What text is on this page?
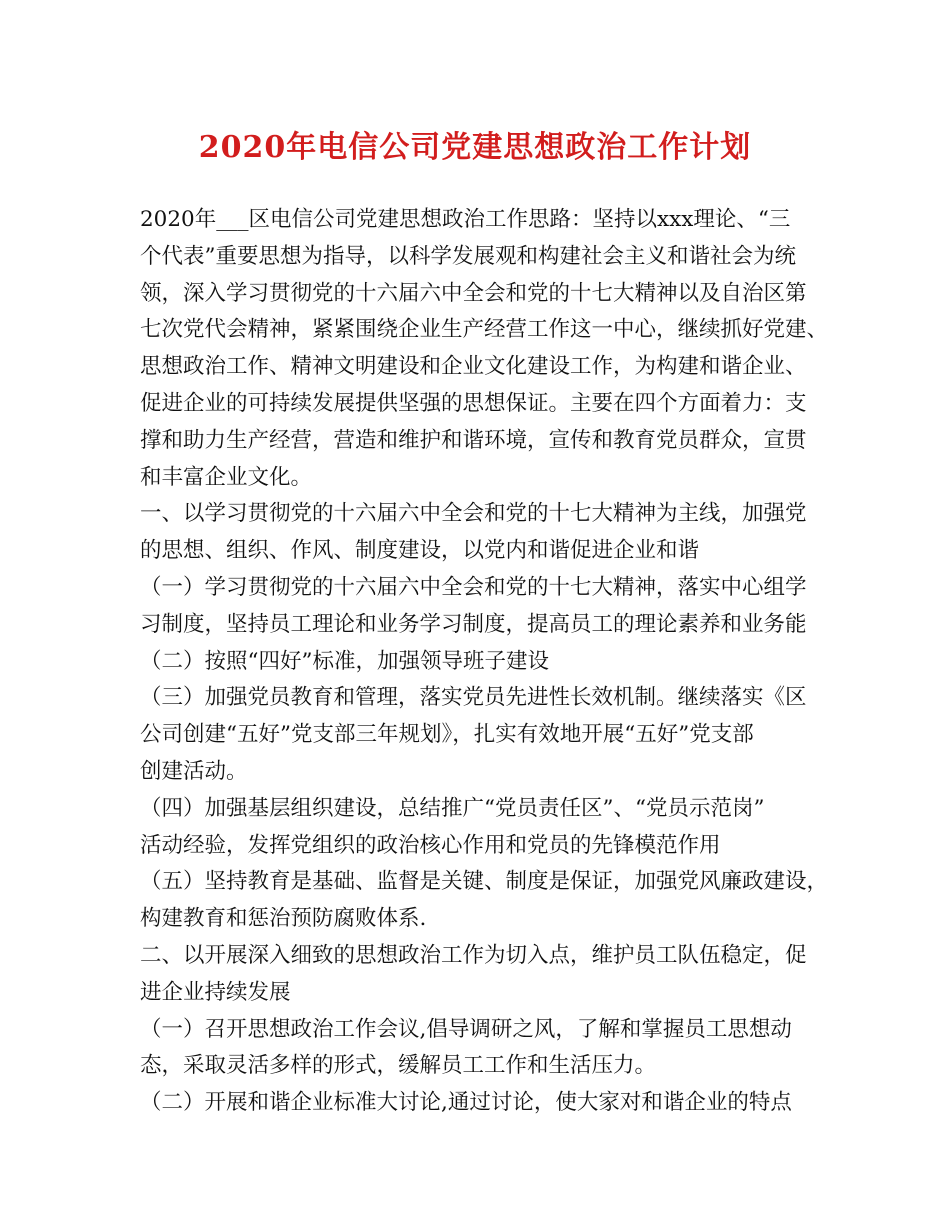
2020年电信公司党建思想政治工作计划
2020年___区电信公司党建思想政治工作思路：坚持以xxx理论、“三
个代表”重要思想为指导，以科学发展观和构建社会主义和谐社会为统
领，深入学习贯彻党的十六届六中全会和党的十七大精神以及自治区第
七次党代会精神，紧紧围绕企业生产经营工作这一中心，继续抓好党建、
思想政治工作、精神文明建设和企业文化建设工作，为构建和谐企业、
促进企业的可持续发展提供坚强的思想保证。主要在四个方面着力：支
撑和助力生产经营，营造和维护和谐环境，宣传和教育党员群众，宣贯
和丰富企业文化。
一、以学习贯彻党的十六届六中全会和党的十七大精神为主线，加强党
的思想、组织、作风、制度建设，以党内和谐促进企业和谐
（一）学习贯彻党的十六届六中全会和党的十七大精神，落实中心组学
习制度，坚持员工理论和业务学习制度，提高员工的理论素养和业务能
（二）按照“四好”标准，加强领导班子建设
（三）加强党员教育和管理，落实党员先进性长效机制。继续落实《区
公司创建“五好”党支部三年规划》，扎实有效地开展“五好”党支部
创建活动。
（四）加强基层组织建设，总结推广“党员责任区”、“党员示范岗”
活动经验，发挥党组织的政治核心作用和党员的先锋模范作用
（五）坚持教育是基础、监督是关键、制度是保证，加强党风廉政建设，
构建教育和惩治预防腐败体系.
二、以开展深入细致的思想政治工作为切入点，维护员工队伍稳定，促
进企业持续发展
（一）召开思想政治工作会议,倡导调研之风，了解和掌握员工思想动
态，采取灵活多样的形式，缓解员工工作和生活压力。
（二）开展和谐企业标准大讨论,通过讨论，使大家对和谐企业的特点
